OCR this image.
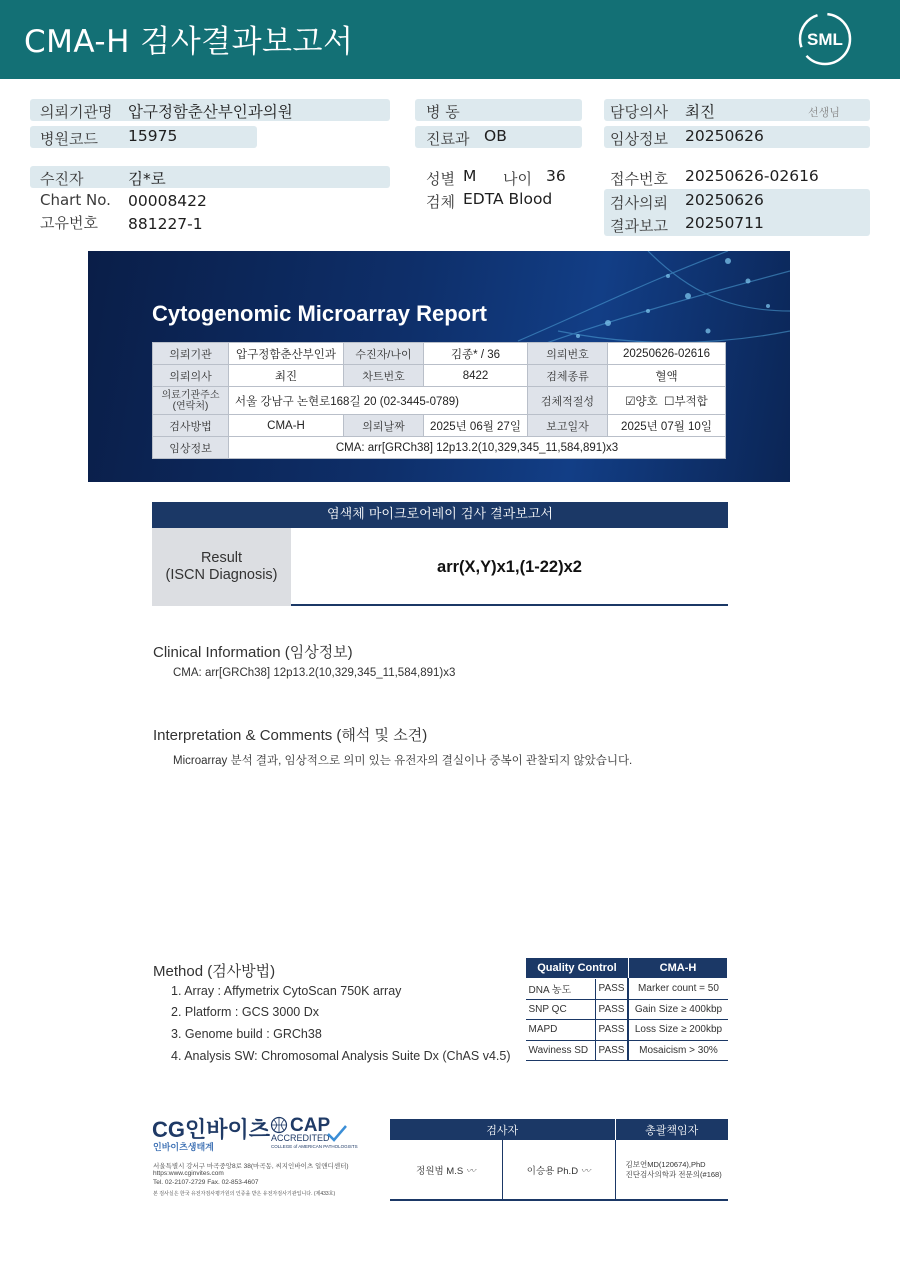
CMA-H 검사결과보고서	SML
의뢰기관명 압구정함춘산부인과의원
병원코드 15975
병 동
진료과 OB
담당의사 최진	선생님
임상정보 20250626
수진자	김*로
Chart No. 00008422
고유번호 881227-1
성별 M 나이 36
검체 EDTA Blood
접수번호 20250626-02616
검사의뢰 20250626
결과보고 20250711
Cytogenomic Microarray Report
의뢰기관	압구정함춘산부인과	수진자/나이	김종* / 36	의뢰번호	20250626-02616
의뢰의사	최진	차트번호	8422	검체종류	혈액
의료기관주소
(연락처)	서울 강남구 논현로168길 20 (02-3445-0789)			검체적절성	☑양호 ☐부적합
검사방법	CMA-H	의뢰날짜	2025년 06월 27일	보고일자	2025년 07월 10일
임상정보	CMA: arr[GRCh38] 12p13.2(10,329,345_11,584,891)x3				
염색체 마이크로어레이 검사 결과보고서
Result
(ISCN Diagnosis)	arr(X,Y)x1,(1-22)x2
Clinical Information (임상정보)
CMA: arr[GRCh38] 12p13.2(10,329,345_11,584,891)x3
Interpretation & Comments (해석 및 소견)
Microarray 분석 결과, 임상적으로 의미 있는 유전자의 결실이나 중복이 관찰되지 않았습니다.
Method (검사방법)
1. Array : Affymetrix CytoScan 750K array
2. Platform : GCS 3000 Dx
3. Genome build : GRCh38
4. Analysis SW: Chromosomal Analysis Suite Dx (ChAS v4.5)
Quality Control		CMA-H
DNA 농도	PASS	Marker count = 50
SNP QC	PASS	Gain Size ≥ 400kbp
MAPD	PASS	Loss Size ≥ 200kbp
Waviness SD	PASS	Mosaicism > 30%
CG인바이츠
인바이츠생태계
CAP
ACCREDITED
COLLEGE of AMERICAN PATHOLOGISTS
서울특별시 강서구 마곡중앙8로 38(마곡동, 씨지인바이츠 일앤디센터)
https:www.cginvites.com
Tel. 02-2107-2729 Fax. 02-853-4607
본 검사실은 한국 유전자검사평가원의 인증을 받은 유전자검사기관입니다. (제433호)
검사자		총괄책임자
정원범 M.S 〰	이승용 Ph.D 〰	김보연MD(120674),PhD
진단검사의학과 전문의(#168)
